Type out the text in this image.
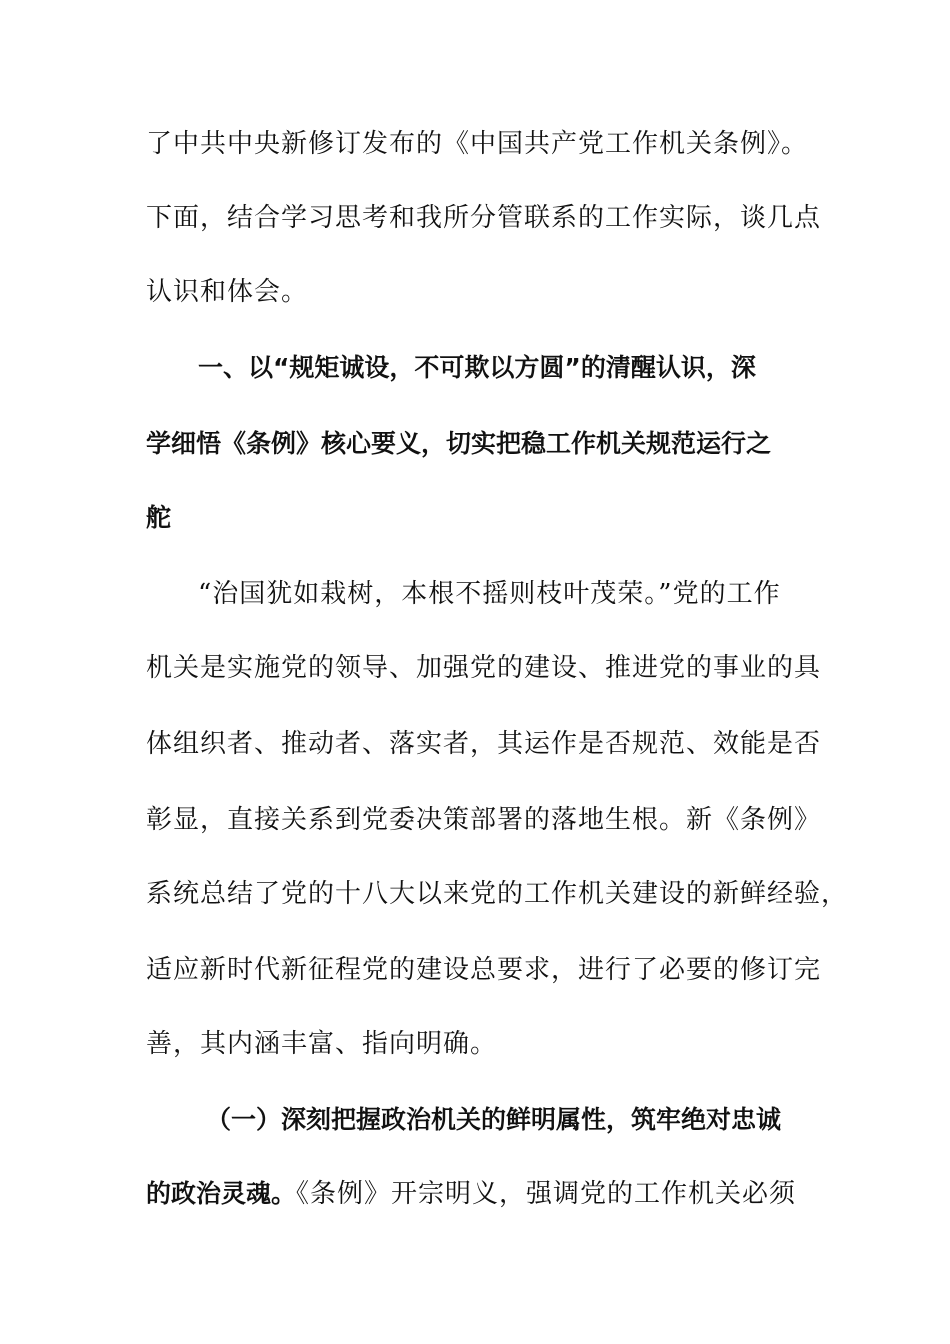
了中共中央新修订发布的《中国共产党工作机关条例》。
下面，结合学习思考和我所分管联系的工作实际，谈几点
认识和体会。
一、以“规矩诚设，不可欺以方圆”的清醒认识，深
学细悟《条例》核心要义，切实把稳工作机关规范运行之
舵
“治国犹如栽树，本根不摇则枝叶茂荣。”党的工作
机关是实施党的领导、加强党的建设、推进党的事业的具
体组织者、推动者、落实者，其运作是否规范、效能是否
彰显，直接关系到党委决策部署的落地生根。新《条例》
系统总结了党的十八大以来党的工作机关建设的新鲜经验，
适应新时代新征程党的建设总要求，进行了必要的修订完
善，其内涵丰富、指向明确。
（一）深刻把握政治机关的鲜明属性，筑牢绝对忠诚
的政治灵魂。《条例》开宗明义，强调党的工作机关必须
